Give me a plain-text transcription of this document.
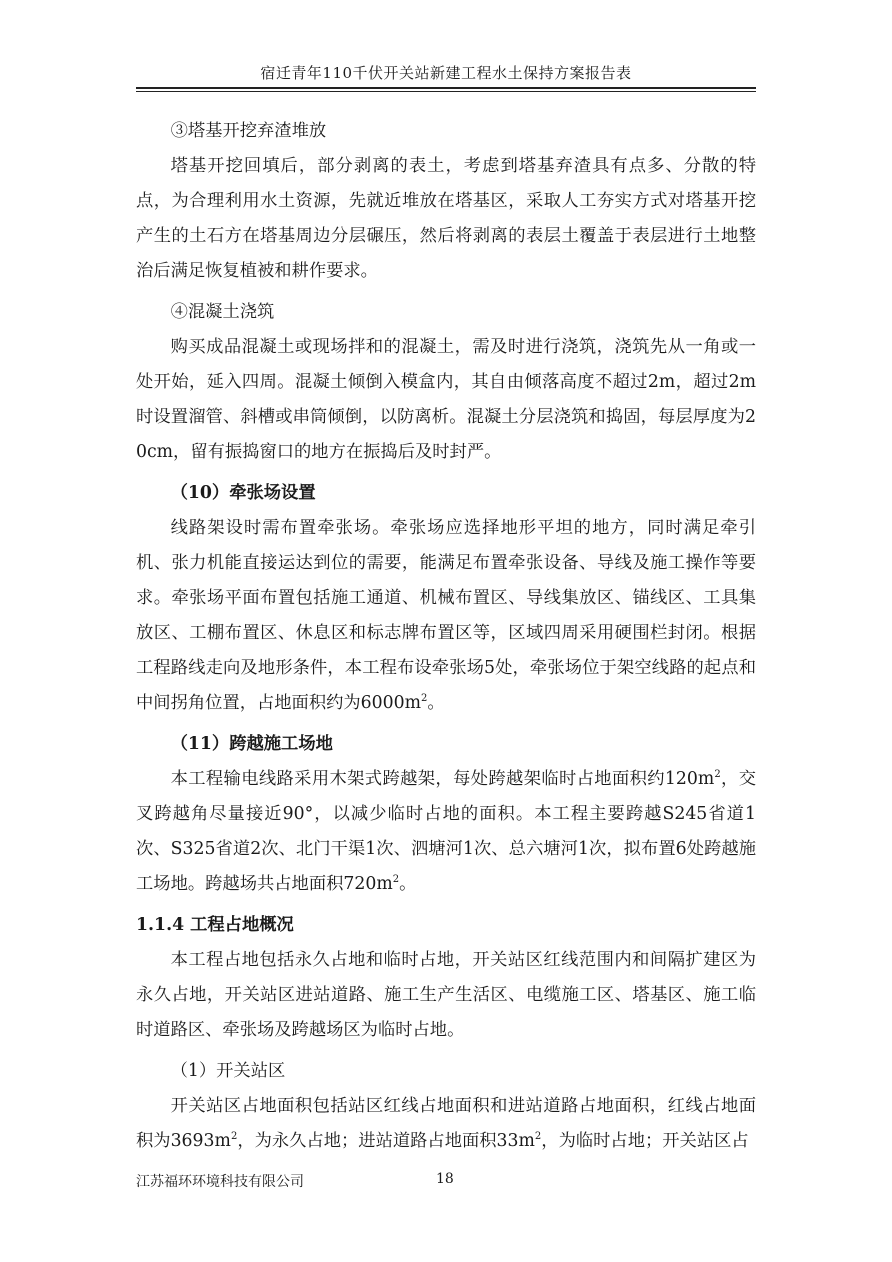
宿迁青年110千伏开关站新建工程水土保持方案报告表

③塔基开挖弃渣堆放

塔基开挖回填后，部分剥离的表土，考虑到塔基弃渣具有点多、分散的特点，为合理利用水土资源，先就近堆放在塔基区，采取人工夯实方式对塔基开挖产生的土石方在塔基周边分层碾压，然后将剥离的表层土覆盖于表层进行土地整治后满足恢复植被和耕作要求。

④混凝土浇筑

购买成品混凝土或现场拌和的混凝土，需及时进行浇筑，浇筑先从一角或一处开始，延入四周。混凝土倾倒入模盒内，其自由倾落高度不超过2m，超过2m时设置溜管、斜槽或串筒倾倒，以防离析。混凝土分层浇筑和捣固，每层厚度为20cm，留有振捣窗口的地方在振捣后及时封严。

（10）牵张场设置

线路架设时需布置牵张场。牵张场应选择地形平坦的地方，同时满足牵引机、张力机能直接运达到位的需要，能满足布置牵张设备、导线及施工操作等要求。牵张场平面布置包括施工通道、机械布置区、导线集放区、锚线区、工具集放区、工棚布置区、休息区和标志牌布置区等，区域四周采用硬围栏封闭。根据工程路线走向及地形条件，本工程布设牵张场5处，牵张场位于架空线路的起点和中间拐角位置，占地面积约为$6000m^2$。

（11）跨越施工场地

本工程输电线路采用木架式跨越架，每处跨越架临时占地面积约$120m^2$，交叉跨越角尽量接近90°，以减少临时占地的面积。本工程主要跨越S245省道1次、S325省道2次、北门干渠1次、泗塘河1次、总六塘河1次，拟布置6处跨越施工场地。跨越场共占地面积$720m^2$。

1.1.4 工程占地概况

本工程占地包括永久占地和临时占地，开关站区红线范围内和间隔扩建区为永久占地，开关站区进站道路、施工生产生活区、电缆施工区、塔基区、施工临时道路区、牵张场及跨越场区为临时占地。

（1）开关站区

开关站区占地面积包括站区红线占地面积和进站道路占地面积，红线占地面积为$3693m^2$，为永久占地；进站道路占地面积$33m^2$，为临时占地；开关站区占

江苏福环环境科技有限公司	18
